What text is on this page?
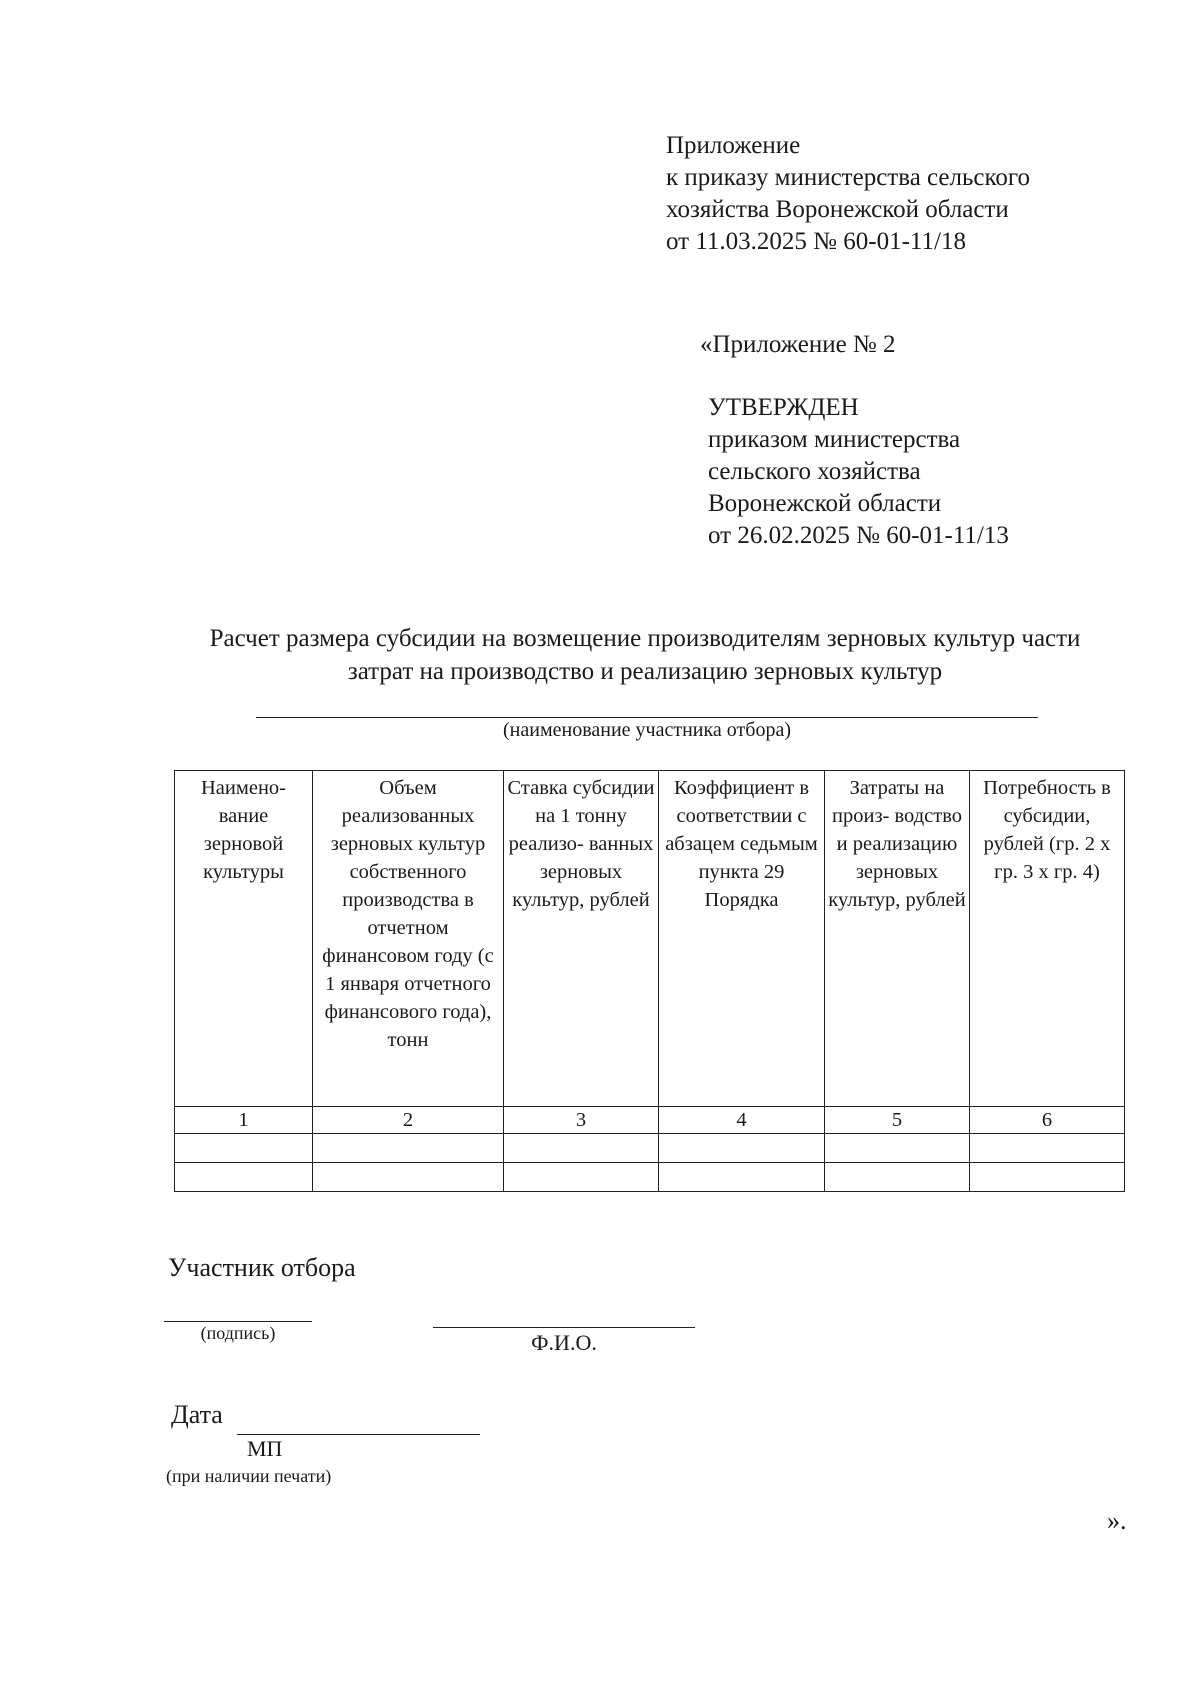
Приложение
к приказу министерства сельского
хозяйства Воронежской области
от 11.03.2025 № 60-01-11/18
«Приложение № 2
УТВЕРЖДЕН
приказом министерства
сельского хозяйства
Воронежской области
от 26.02.2025 № 60-01-11/13
Расчет размера субсидии на возмещение производителям зерновых культур части
затрат на производство и реализацию зерновых культур
(наименование участника отбора)
Наимено- вание зерновой культуры	Объем реализованных зерновых культур собственного производства в отчетном финансовом году (с 1 января отчетного финансового года), тонн	Ставка субсидии на 1 тонну реализо- ванных зерновых культур, рублей	Коэффициент в соответствии с абзацем седьмым пункта 29 Порядка	Затраты на произ- водство и реализацию зерновых культур, рублей	Потребность в субсидии, рублей (гр. 2 х гр. 3 х гр. 4)
1	2	3	4	5	6

Участник отбора
(подпись)	Ф.И.О.
Дата
МП
(при наличии печати)
».
